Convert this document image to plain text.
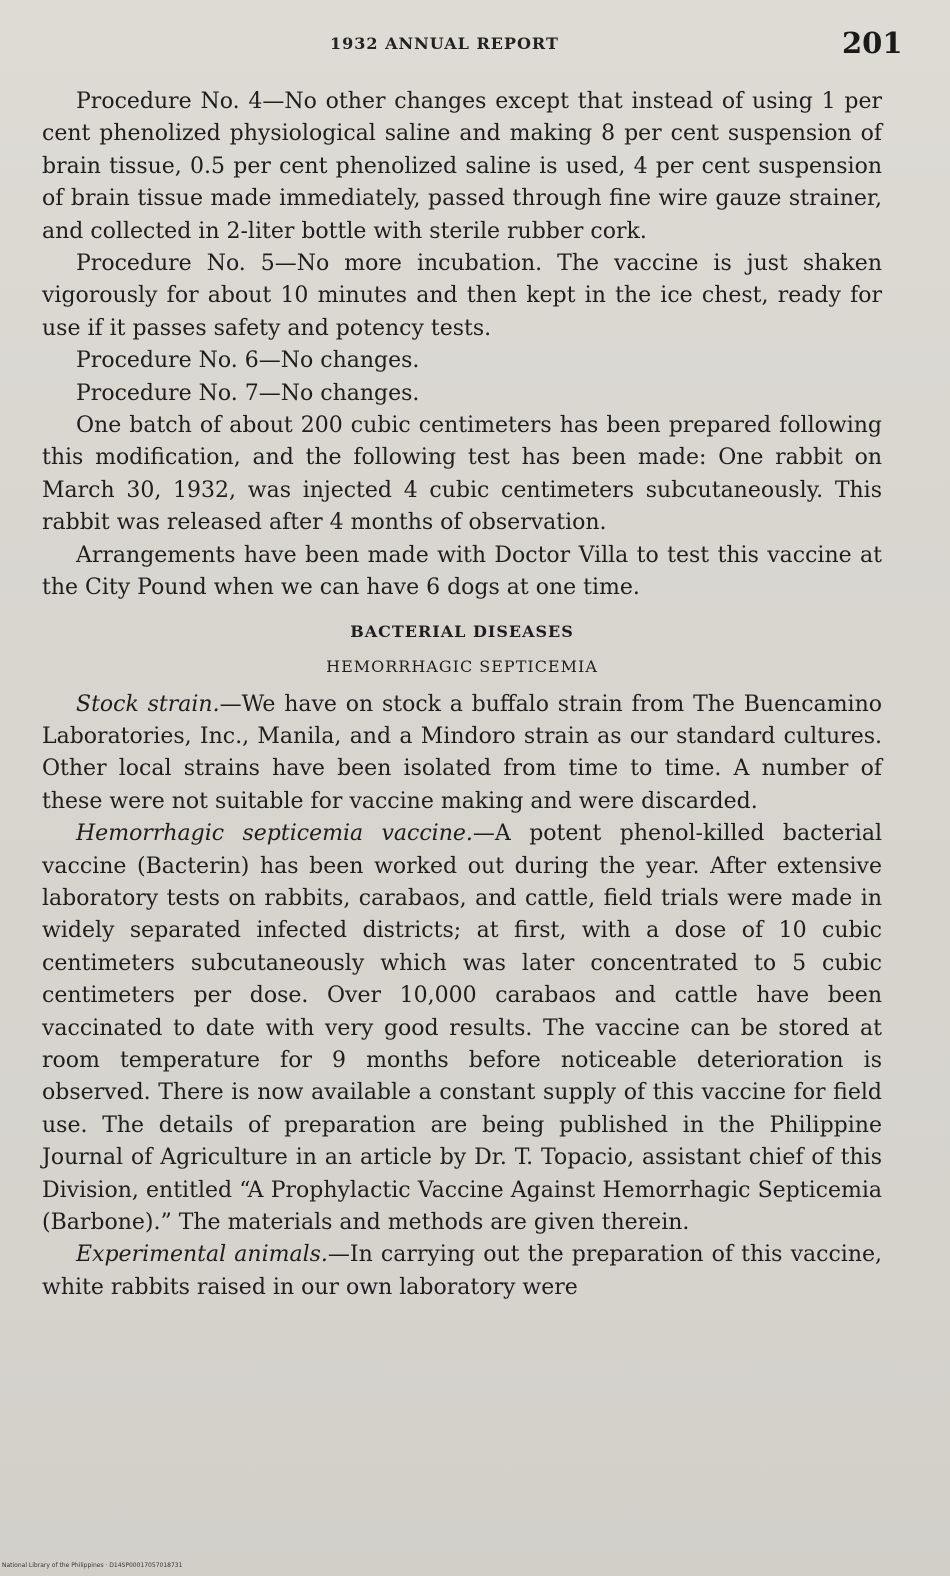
1932 ANNUAL REPORT	201

Procedure No. 4—No other changes except that instead of using 1 per cent phenolized physiological saline and making 8 per cent suspension of brain tissue, 0.5 per cent phenolized saline is used, 4 per cent suspension of brain tissue made immediately, passed through fine wire gauze strainer, and collected in 2-liter bottle with sterile rubber cork.

Procedure No. 5—No more incubation. The vaccine is just shaken vigorously for about 10 minutes and then kept in the ice chest, ready for use if it passes safety and potency tests.

Procedure No. 6—No changes.

Procedure No. 7—No changes.

One batch of about 200 cubic centimeters has been prepared following this modification, and the following test has been made: One rabbit on March 30, 1932, was injected 4 cubic centimeters subcutaneously. This rabbit was released after 4 months of observation.

Arrangements have been made with Doctor Villa to test this vaccine at the City Pound when we can have 6 dogs at one time.

BACTERIAL DISEASES

HEMORRHAGIC SEPTICEMIA

Stock strain.—We have on stock a buffalo strain from The Buencamino Laboratories, Inc., Manila, and a Mindoro strain as our standard cultures. Other local strains have been isolated from time to time. A number of these were not suitable for vaccine making and were discarded.

Hemorrhagic septicemia vaccine.—A potent phenol-killed bacterial vaccine (Bacterin) has been worked out during the year. After extensive laboratory tests on rabbits, carabaos, and cattle, field trials were made in widely separated infected districts; at first, with a dose of 10 cubic centimeters subcutaneously which was later concentrated to 5 cubic centimeters per dose. Over 10,000 carabaos and cattle have been vaccinated to date with very good results. The vaccine can be stored at room temperature for 9 months before noticeable deterioration is observed. There is now available a constant supply of this vaccine for field use. The details of preparation are being published in the Philippine Journal of Agriculture in an article by Dr. T. Topacio, assistant chief of this Division, entitled “A Prophylactic Vaccine Against Hemorrhagic Septicemia (Barbone).” The materials and methods are given therein.

Experimental animals.—In carrying out the preparation of this vaccine, white rabbits raised in our own laboratory were

National Library of the Philippines · D14SP00017057018731
